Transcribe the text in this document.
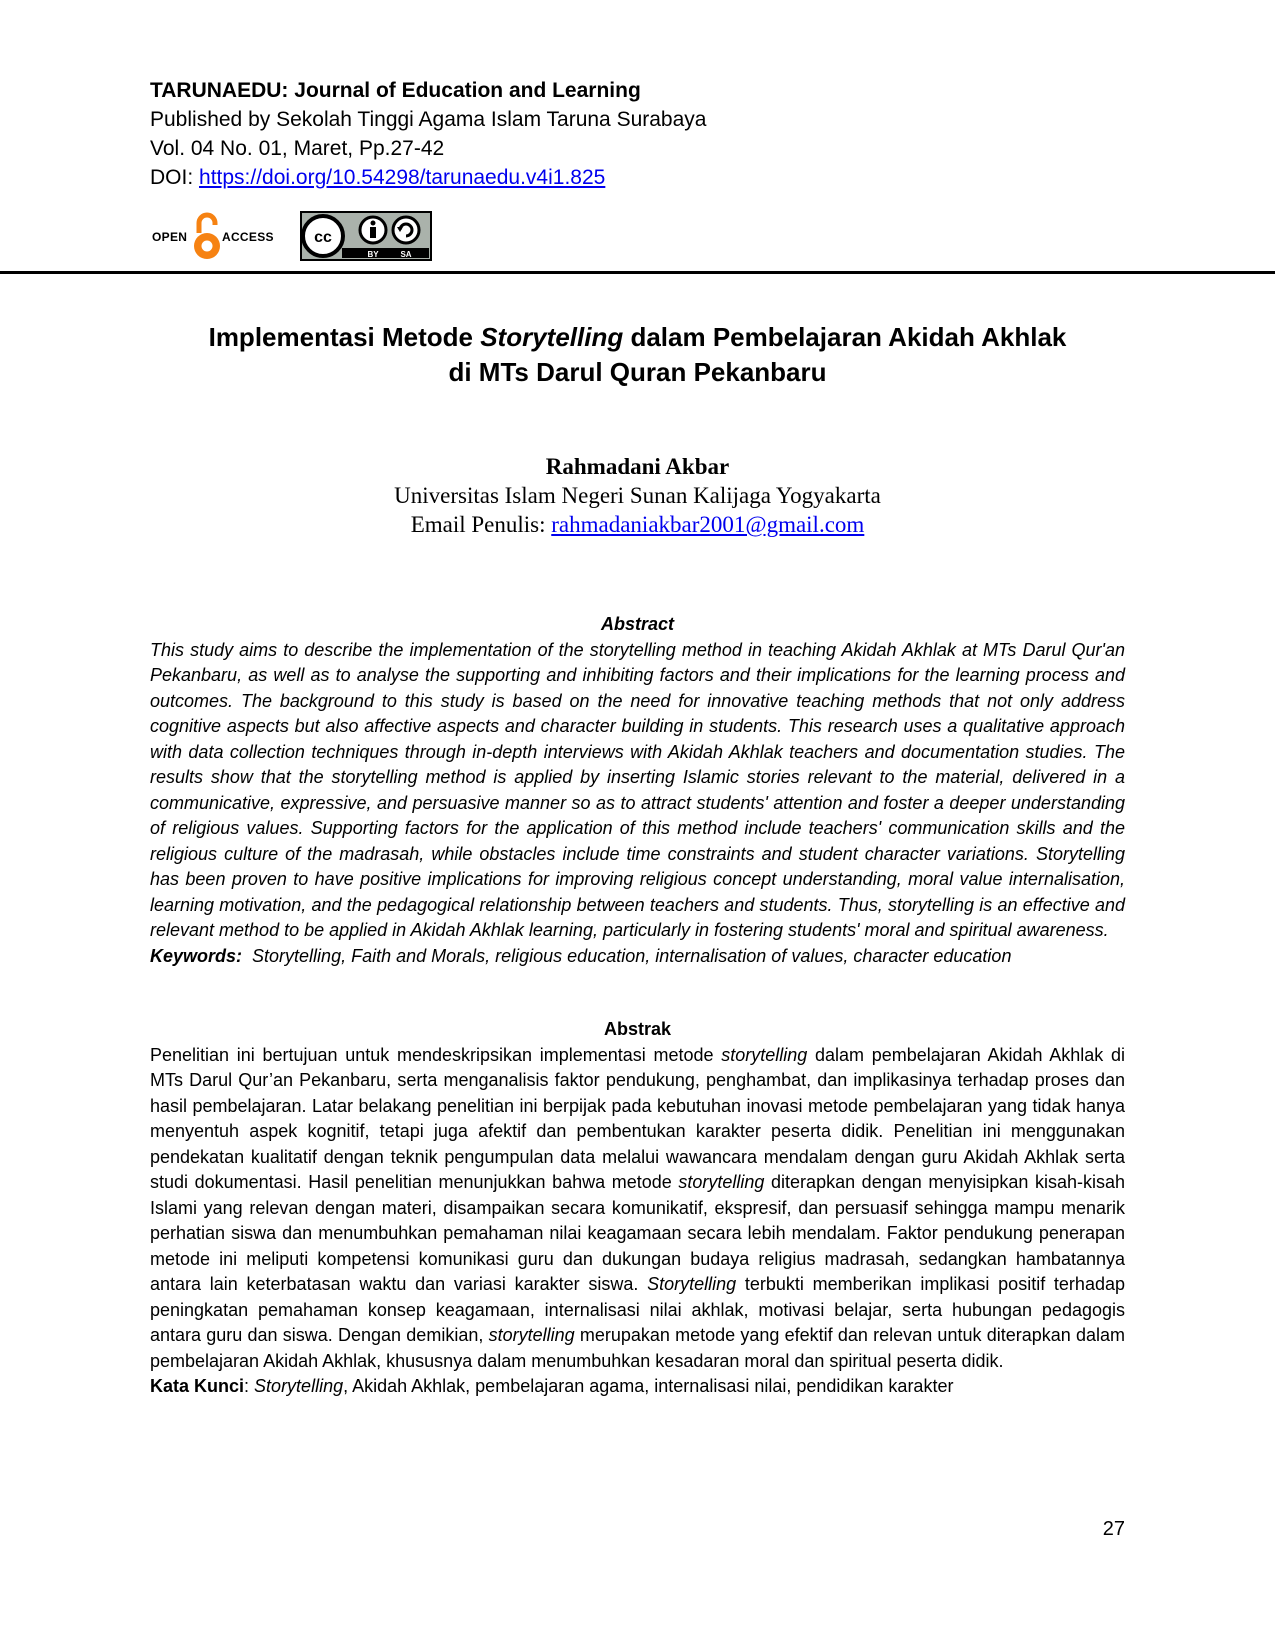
TARUNAEDU: Journal of Education and Learning
Published by Sekolah Tinggi Agama Islam Taruna Surabaya
Vol. 04 No. 01, Maret, Pp.27-42
DOI: https://doi.org/10.54298/tarunaedu.v4i1.825
OPEN	ACCESS	cc
BY	SA
Implementasi Metode Storytelling dalam Pembelajaran Akidah Akhlak
di MTs Darul Quran Pekanbaru
Rahmadani Akbar
Universitas Islam Negeri Sunan Kalijaga Yogyakarta
Email Penulis: rahmadaniakbar2001@gmail.com
Abstract
This study aims to describe the implementation of the storytelling method in teaching Akidah Akhlak at MTs Darul Qur'an Pekanbaru, as well as to analyse the supporting and inhibiting factors and their implications for the learning process and outcomes. The background to this study is based on the need for innovative teaching methods that not only address cognitive aspects but also affective aspects and character building in students. This research uses a qualitative approach with data collection techniques through in-depth interviews with Akidah Akhlak teachers and documentation studies. The results show that the storytelling method is applied by inserting Islamic stories relevant to the material, delivered in a communicative, expressive, and persuasive manner so as to attract students' attention and foster a deeper understanding of religious values. Supporting factors for the application of this method include teachers' communication skills and the religious culture of the madrasah, while obstacles include time constraints and student character variations. Storytelling has been proven to have positive implications for improving religious concept understanding, moral value internalisation, learning motivation, and the pedagogical relationship between teachers and students. Thus, storytelling is an effective and relevant method to be applied in Akidah Akhlak learning, particularly in fostering students' moral and spiritual awareness.
Keywords:  Storytelling, Faith and Morals, religious education, internalisation of values, character education
Abstrak
Penelitian ini bertujuan untuk mendeskripsikan implementasi metode storytelling dalam pembelajaran Akidah Akhlak di MTs Darul Qur’an Pekanbaru, serta menganalisis faktor pendukung, penghambat, dan implikasinya terhadap proses dan hasil pembelajaran. Latar belakang penelitian ini berpijak pada kebutuhan inovasi metode pembelajaran yang tidak hanya menyentuh aspek kognitif, tetapi juga afektif dan pembentukan karakter peserta didik. Penelitian ini menggunakan pendekatan kualitatif dengan teknik pengumpulan data melalui wawancara mendalam dengan guru Akidah Akhlak serta studi dokumentasi. Hasil penelitian menunjukkan bahwa metode storytelling diterapkan dengan menyisipkan kisah-kisah Islami yang relevan dengan materi, disampaikan secara komunikatif, ekspresif, dan persuasif sehingga mampu menarik perhatian siswa dan menumbuhkan pemahaman nilai keagamaan secara lebih mendalam. Faktor pendukung penerapan metode ini meliputi kompetensi komunikasi guru dan dukungan budaya religius madrasah, sedangkan hambatannya antara lain keterbatasan waktu dan variasi karakter siswa. Storytelling terbukti memberikan implikasi positif terhadap peningkatan pemahaman konsep keagamaan, internalisasi nilai akhlak, motivasi belajar, serta hubungan pedagogis antara guru dan siswa. Dengan demikian, storytelling merupakan metode yang efektif dan relevan untuk diterapkan dalam pembelajaran Akidah Akhlak, khususnya dalam menumbuhkan kesadaran moral dan spiritual peserta didik.
Kata Kunci: Storytelling, Akidah Akhlak, pembelajaran agama, internalisasi nilai, pendidikan karakter
27
